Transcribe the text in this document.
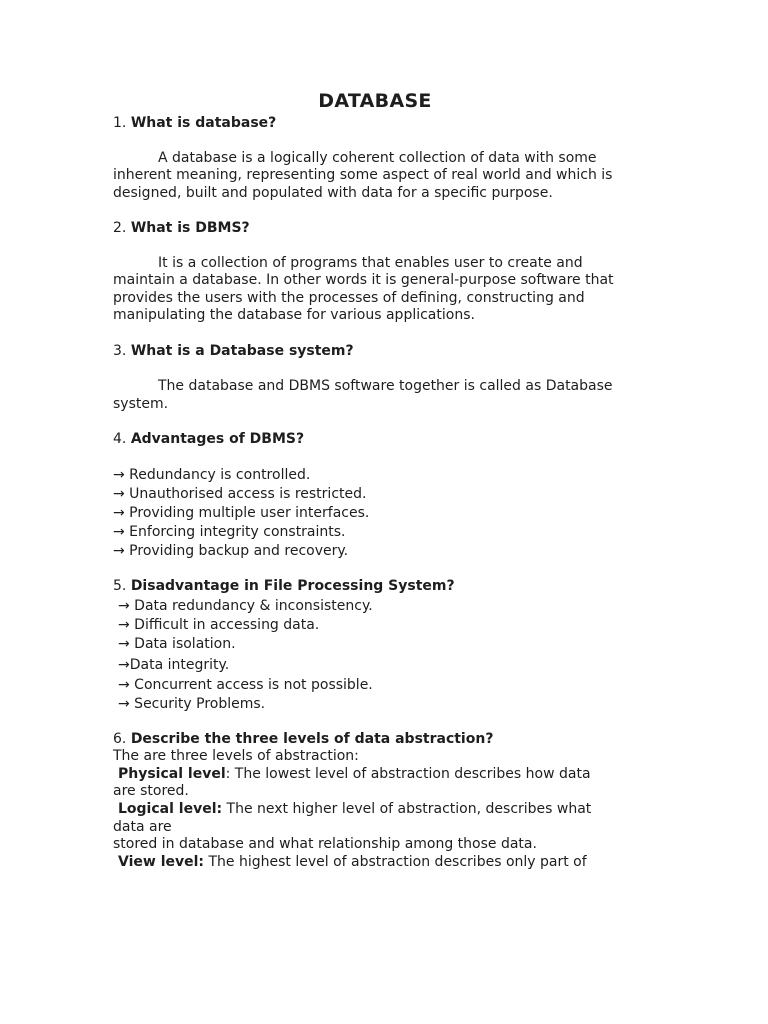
DATABASE
1. What is database?
A database is a logically coherent collection of data with some
inherent meaning, representing some aspect of real world and which is
designed, built and populated with data for a specific purpose.
2. What is DBMS?
It is a collection of programs that enables user to create and
maintain a database. In other words it is general-purpose software that
provides the users with the processes of defining, constructing and
manipulating the database for various applications.
3. What is a Database system?
The database and DBMS software together is called as Database
system.
4. Advantages of DBMS?
→ Redundancy is controlled.
→ Unauthorised access is restricted.
→ Providing multiple user interfaces.
→ Enforcing integrity constraints.
→ Providing backup and recovery.
5. Disadvantage in File Processing System?
→ Data redundancy & inconsistency.
→ Difficult in accessing data.
→ Data isolation.
→Data integrity.
→ Concurrent access is not possible.
→ Security Problems.
6. Describe the three levels of data abstraction?
The are three levels of abstraction:
Physical level: The lowest level of abstraction describes how data
are stored.
Logical level: The next higher level of abstraction, describes what
data are
stored in database and what relationship among those data.
View level: The highest level of abstraction describes only part of
